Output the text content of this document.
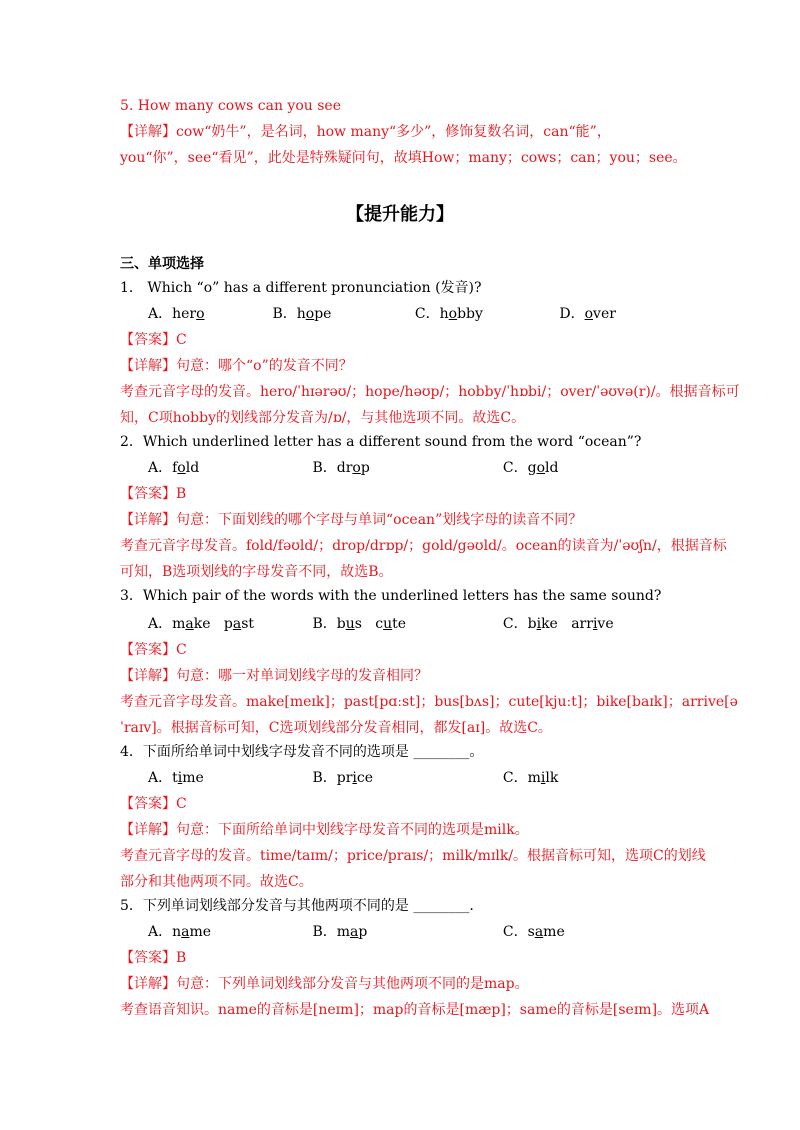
5. How many cows can you see
【详解】cow“奶牛”，是名词，how many“多少”，修饰复数名词，can“能”，
you“你”，see“看见”，此处是特殊疑问句，故填How；many；cows；can；you；see。
【提升能力】
三、单项选择
1． Which “o” has a different pronunciation (发音)?
A．hero	B．hope	C．hobby	D．over
【答案】C
【详解】句意：哪个“o”的发音不同？
考查元音字母的发音。hero/ˈhɪərəʊ/；hope/həʊp/；hobby/ˈhɒbi/；over/ˈəʊvə(r)/。根据音标可
知，C项hobby的划线部分发音为/ɒ/，与其他选项不同。故选C。
2．Which underlined letter has a different sound from the word “ocean”?
A．fold	B．drop	C．gold
【答案】B
【详解】句意：下面划线的哪个字母与单词“ocean”划线字母的读音不同？
考查元音字母发音。fold/fəʊld/；drop/drɒp/；gold/gəʊld/。ocean的读音为/ˈəʊʃn/，根据音标
可知，B选项划线的字母发音不同，故选B。
3．Which pair of the words with the underlined letters has the same sound?
A．make   past	B．bus   cute	C．bike   arrive
【答案】C
【详解】句意：哪一对单词划线字母的发音相同？
考查元音字母发音。make[meɪk]；past[pɑːst]；bus[bʌs]；cute[kjuːt]；bike[baɪk]；arrive[ə
ˈraɪv]。根据音标可知，C选项划线部分发音相同，都发[aɪ]。故选C。
4．下面所给单词中划线字母发音不同的选项是 ________。
A．time	B．price	C．milk
【答案】C
【详解】句意：下面所给单词中划线字母发音不同的选项是milk。
考查元音字母的发音。time/taɪm/；price/praɪs/；milk/mɪlk/。根据音标可知，选项C的划线
部分和其他两项不同。故选C。
5．下列单词划线部分发音与其他两项不同的是 ________.
A．name	B．map	C．same
【答案】B
【详解】句意：下列单词划线部分发音与其他两项不同的是map。
考查语音知识。name的音标是[neɪm]；map的音标是[mæp]；same的音标是[seɪm]。选项A
